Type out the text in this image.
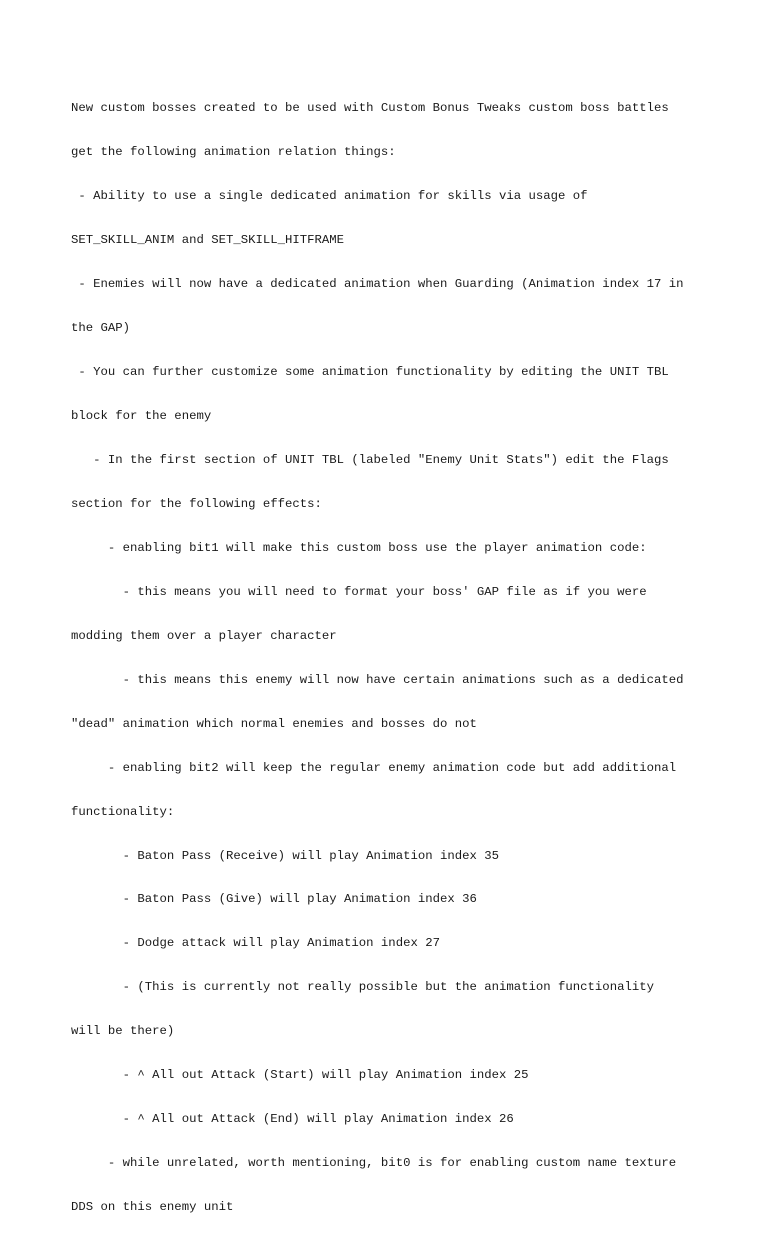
New custom bosses created to be used with Custom Bonus Tweaks custom boss battles

get the following animation relation things:

- Ability to use a single dedicated animation for skills via usage of

SET_SKILL_ANIM and SET_SKILL_HITFRAME

- Enemies will now have a dedicated animation when Guarding (Animation index 17 in

the GAP)

- You can further customize some animation functionality by editing the UNIT TBL

block for the enemy

- In the first section of UNIT TBL (labeled "Enemy Unit Stats") edit the Flags

section for the following effects:

- enabling bit1 will make this custom boss use the player animation code:

- this means you will need to format your boss' GAP file as if you were

modding them over a player character

- this means this enemy will now have certain animations such as a dedicated

"dead" animation which normal enemies and bosses do not

- enabling bit2 will keep the regular enemy animation code but add additional

functionality:

- Baton Pass (Receive) will play Animation index 35

- Baton Pass (Give) will play Animation index 36

- Dodge attack will play Animation index 27

- (This is currently not really possible but the animation functionality

will be there)

- ^ All out Attack (Start) will play Animation index 25

- ^ All out Attack (End) will play Animation index 26

- while unrelated, worth mentioning, bit0 is for enabling custom name texture

DDS on this enemy unit
